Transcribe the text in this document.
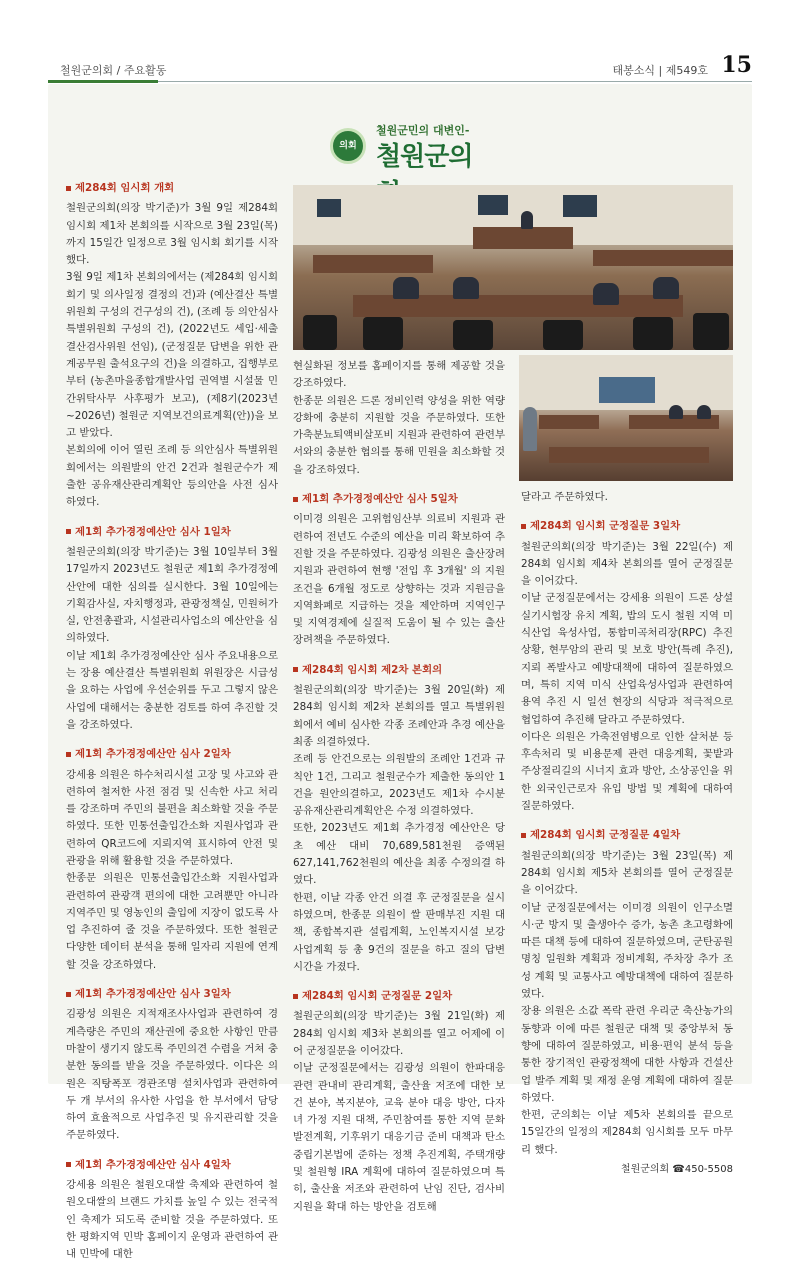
철원군의회 / 주요활동	태봉소식 | 제549호 15
의회
철원군민의 대변인-
철원군의
제284회 임시회 개회

철원군의회(의장 박기준)가 3월 9일 제284회 임시회 제1차 본회의를 시작으로 3월 23일(목)까지 15일간 일정으로 3월 임시회 회기를 시작했다.

3월 9일 제1차 본회의에서는 (제284회 임시회 회기 및 의사일정 결정의 건)과 (예산결산 특별위원회 구성의 건구성의 건), (조례 등 의안심사 특별위원회 구성의 건), (2022년도 세입·세출 결산검사위원 선임), (군정질문 답변을 위한 관계공무원 출석요구의 건)을 의결하고, 집행부로부터 (농촌마을종합개발사업 권역별 시설물 민간위탁사무 사후평가 보고), (제8기(2023년~2026년) 철원군 지역보건의료계획(안))을 보고 받았다.

본회의에 이어 열린 조례 등 의안심사 특별위원회에서는 의원발의 안건 2건과 철원군수가 제출한 공유재산관리계획안 등의안을 사전 심사하였다.

제1회 추가경정예산안 심사 1일차

철원군의회(의장 박기준)는 3월 10일부터 3월 17일까지 2023년도 철원군 제1회 추가경정예산안에 대한 심의를 실시한다. 3월 10일에는 기획감사실, 자치행정과, 관광정책실, 민원허가실, 안전총괄과, 시설관리사업소의 예산안을 심의하였다.

이날 제1회 추가경정예산안 심사 주요내용으로는 장용 예산결산 특별위원회 위원장은 시급성을 요하는 사업에 우선순위를 두고 그렇지 않은 사업에 대해서는 충분한 검토를 하여 추진할 것을 강조하였다.

제1회 추가경정예산안 심사 2일차

강세용 의원은 하수처리시설 고장 및 사고와 관련하여 철저한 사전 점검 및 신속한 사고 처리를 강조하며 주민의 불편을 최소화할 것을 주문하였다. 또한 민통선출입간소화 지원사업과 관련하여 QR코드에 지뢰지역 표시하여 안전 및 관광을 위해 활용할 것을 주문하였다.

한종문 의원은 민통선출입간소화 지원사업과 관련하여 관광객 편의에 대한 고려뿐만 아니라 지역주민 및 영농인의 출입에 지장이 없도록 사업 추진하여 줄 것을 주문하였다. 또한 철원군 다양한 데이터 분석을 통해 일자리 지원에 연계할 것을 강조하였다.

제1회 추가경정예산안 심사 3일차

김광성 의원은 지적재조사사업과 관련하여 경계측량은 주민의 재산권에 중요한 사항인 만큼 마찰이 생기지 않도록 주민의견 수렴을 거쳐 충분한 동의를 받을 것을 주문하였다. 이다은 의원은 직탕폭포 경관조명 설치사업과 관련하여 두 개 부서의 유사한 사업을 한 부서에서 담당하여 효율적으로 사업추진 및 유지관리할 것을 주문하였다.

제1회 추가경정예산안 심사 4일차

강세용 의원은 철원오대쌀 축제와 관련하여 철원오대쌀의 브랜드 가치를 높일 수 있는 전국적인 축제가 되도록 준비할 것을 주문하였다. 또한 평화지역 민박 홈페이지 운영과 관련하여 관내 민박에 대한

현실화된 정보를 홈페이지를 통해 제공할 것을 강조하였다.

한종문 의원은 드론 정비인력 양성을 위한 역량강화에 충분히 지원할 것을 주문하였다. 또한 가축분뇨퇴액비살포비 지원과 관련하여 관련부서와의 충분한 협의를 통해 민원을 최소화할 것을 강조하였다.

제1회 추가경정예산안 심사 5일차

이미경 의원은 고위험임산부 의료비 지원과 관련하여 전년도 수준의 예산을 미리 확보하여 추진할 것을 주문하였다. 김광성 의원은 출산장려지원과 관련하여 현행 '전입 후 3개월' 의 지원조건을 6개월 정도로 상향하는 것과 지원금을 지역화폐로 지급하는 것을 제안하며 지역인구 및 지역경제에 실질적 도움이 될 수 있는 출산 장려책을 주문하였다.

제284회 임시회 제2차 본회의

철원군의회(의장 박기준)는 3월 20일(화) 제284회 임시회 제2차 본회의를 열고 특별위원회에서 예비 심사한 각종 조례안과 추경 예산을 최종 의결하였다.

조례 등 안건으로는 의원발의 조례안 1건과 규칙안 1건, 그리고 철원군수가 제출한 동의안 1건을 원안의결하고, 2023년도 제1차 수시분 공유재산관리계획안은 수정 의결하였다.

또한, 2023년도 제1회 추가경정 예산안은 당초 예산 대비 70,689,581천원 증액된 627,141,762천원의 예산을 최종 수정의결 하였다.

한편, 이날 각종 안건 의결 후 군정질문을 실시하였으며, 한종문 의원이 쌀 판매부진 지원 대책, 종합복지관 설립계획, 노인복지시설 보강 사업계획 등 총 9건의 질문을 하고 질의 답변 시간을 가졌다.

제284회 임시회 군정질문 2일차

철원군의회(의장 박기준)는 3월 21일(화) 제284회 임시회 제3차 본회의를 열고 어제에 이어 군정질문을 이어갔다.

이날 군정질문에서는 김광성 의원이 한파대응 관련 관내비 관리계획, 출산율 저조에 대한 보건 분야, 복지분야, 교육 분야 대응 방안, 다자녀 가정 지원 대책, 주민참여를 통한 지역 문화 발전계획, 기후위기 대응기금 준비 대책과 탄소중립기본법에 준하는 정책 추진계획, 주택개량 및 철원형 IRA 계획에 대하여 질문하였으며 특히, 출산율 저조와 관련하여 난임 진단, 검사비 지원을 확대 하는 방안을 검토해

달라고 주문하였다.

제284회 임시회 군정질문 3일차

철원군의회(의장 박기준)는 3월 22일(수) 제284회 임시회 제4차 본회의를 열어 군정질문을 이어갔다.

이날 군정질문에서는 강세용 의원이 드론 상설 실기시험장 유치 계획, 밥의 도시 철원 지역 미식산업 육성사업, 통합미곡처리장(RPC) 추진 상황, 현무암의 관리 및 보호 방안(특례 추진), 지뢰 폭발사고 예방대책에 대하여 질문하였으며, 특히 지역 미식 산업육성사업과 관련하여 용역 추진 시 일선 현장의 식당과 적극적으로 협업하여 추진해 달라고 주문하였다.

이다은 의원은 가축전염병으로 인한 살처분 등 후속처리 및 비용문제 관련 대응계획, 꽃밭과 주상절리길의 시너지 효과 방안, 소상공인을 위한 외국인근로자 유입 방법 및 계획에 대하여 질문하였다.

제284회 임시회 군정질문 4일차

철원군의회(의장 박기준)는 3월 23일(목) 제284회 임시회 제5차 본회의를 열어 군정질문을 이어갔다.

이날 군정질문에서는 이미경 의원이 인구소멸 시·군 방지 및 출생아수 증가, 농촌 초고령화에 따른 대책 등에 대하여 질문하였으며, 군탄공원 명칭 일원화 계획과 정비계획, 주차장 추가 조성 계획 및 교통사고 예방대책에 대하여 질문하였다.

장용 의원은 소값 폭락 관련 우리군 축산농가의 동향과 이에 따른 철원군 대책 및 중앙부처 동향에 대하여 질문하였고, 비용·편익 분석 등을 통한 장기적인 관광정책에 대한 사항과 건설산업 발주 계획 및 재정 운영 계획에 대하여 질문하였다.

한편, 군의회는 이날 제5차 본회의를 끝으로 15일간의 일정의 제284회 임시회를 모두 마무리 했다.

철원군의회 ☎450-5508
